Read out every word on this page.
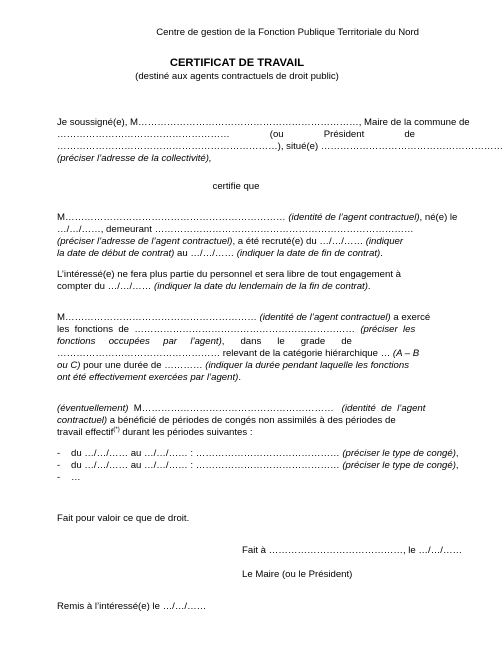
Centre de gestion de la Fonction Publique Territoriale du Nord
CERTIFICAT DE TRAVAIL
(destiné aux agents contractuels de droit public)
Je soussigné(e), M……………………………………………………………, Maire de la commune de
………………………………………………	(ou	Président	de
……………………………………………………………), situé(e) …………………………………………………
(préciser l’adresse de la collectivité),
certifie que
M…………………………………………………………… (identité de l’agent contractuel), né(e) le
…/…/……, demeurant ………………………………………………………………………
(préciser l’adresse de l’agent contractuel), a été recruté(e) du …/…/…… (indiquer
la date de début de contrat) au …/…/…… (indiquer la date de fin de contrat).
L’intéressé(e) ne fera plus partie du personnel et sera libre de tout engagement à
compter du …/…/…… (indiquer la date du lendemain de la fin de contrat).
M…………………………………………………… (identité de l’agent contractuel) a exercé
les  fonctions  de  ……………………………………………………………  (préciser  les
fonctions     occupées     par     l’agent),      dans      le      grade      de
…………………………………………… relevant de la catégorie hiérarchique … (A – B
ou C) pour une durée de ………… (indiquer la durée pendant laquelle les fonctions
ont été effectivement exercées par l’agent).
(éventuellement)  M……………………………………………………   (identité  de  l’agent
contractuel) a bénéficié de périodes de congés non assimilés à des périodes de
travail effectif(*) durant les périodes suivantes :
- du …/…/…… au …/…/…… : ……………………………………… (préciser le type de congé),
- du …/…/…… au …/…/…… : ……………………………………… (préciser le type de congé),
- …
Fait pour valoir ce que de droit.
Fait à ……………………………………, le …/…/……
Le Maire (ou le Président)
Remis à l’intéressé(e) le …/…/……
